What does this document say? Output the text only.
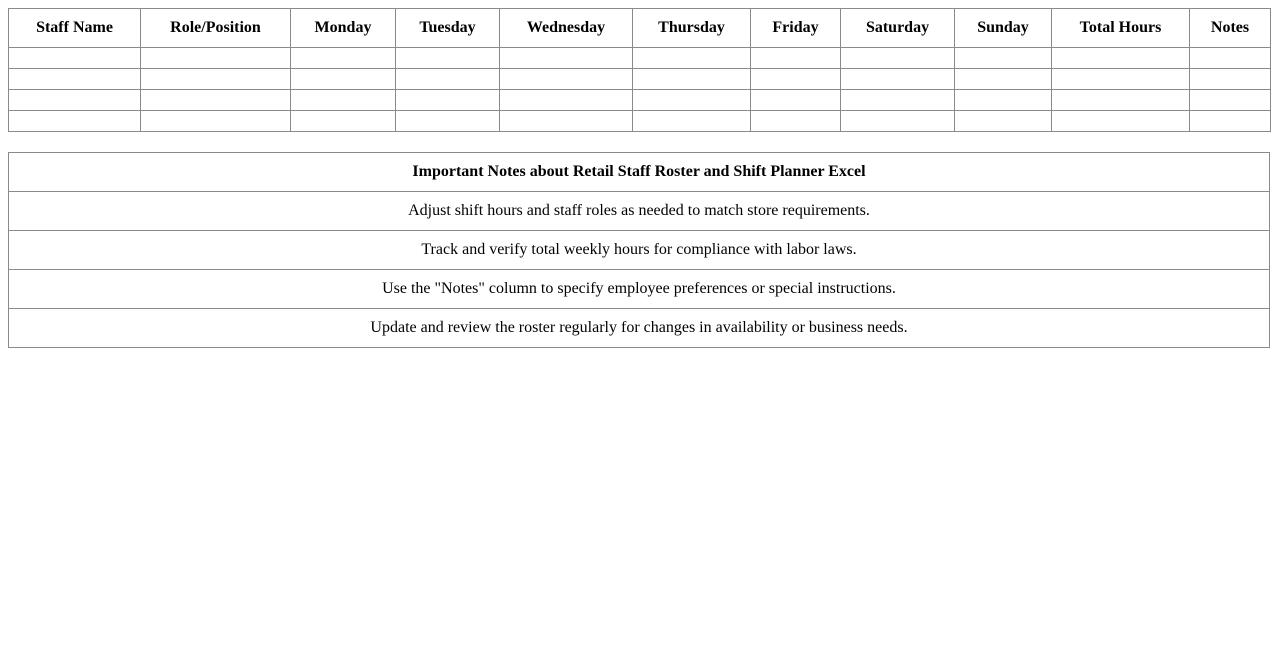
Staff Name	Role/Position	Monday	Tuesday	Wednesday	Thursday	Friday	Saturday	Sunday	Total Hours	Notes

Important Notes about Retail Staff Roster and Shift Planner Excel
Adjust shift hours and staff roles as needed to match store requirements.
Track and verify total weekly hours for compliance with labor laws.
Use the "Notes" column to specify employee preferences or special instructions.
Update and review the roster regularly for changes in availability or business needs.
